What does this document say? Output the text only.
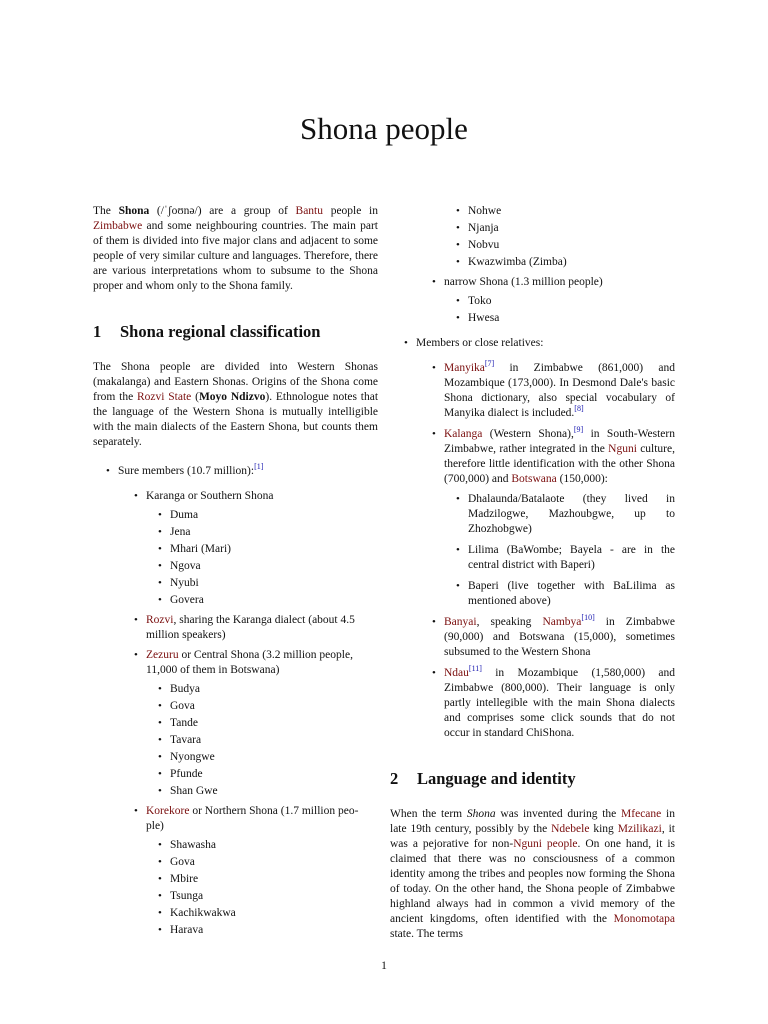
Shona people

The Shona (/ˈʃoʊnə/) are a group of Bantu people in Zimbabwe and some neighbouring countries. The main part of them is divided into five major clans and adjacent to some people of very similar culture and languages. Therefore, there are various interpretations whom to subsume to the Shona proper and whom only to the Shona family.

1 Shona regional classification

The Shona people are divided into Western Shonas (makalanga) and Eastern Shonas. Origins of the Shona come from the Rozvi State (Moyo Ndizvo). Ethnologue notes that the language of the Western Shona is mutually intelligible with the main dialects of the Eastern Shona, but counts them separately.

• Sure members (10.7 million):[1]
• Karanga or Southern Shona
• Duma
• Jena
• Mhari (Mari)
• Ngova
• Nyubi
• Govera
• Rozvi, sharing the Karanga dialect (about 4.5 million speakers)
• Zezuru or Central Shona (3.2 million people, 11,000 of them in Botswana)
• Budya
• Gova
• Tande
• Tavara
• Nyongwe
• Pfunde
• Shan Gwe
• Korekore or Northern Shona (1.7 million peo- ple)
• Shawasha
• Gova
• Mbire
• Tsunga
• Kachikwakwa
• Harava
• Nohwe
• Njanja
• Nobvu
• Kwazwimba (Zimba)
• narrow Shona (1.3 million people)
• Toko
• Hwesa
• Members or close relatives:

• Manyika[7] in Zimbabwe (861,000) and Mozambique (173,000). In Desmond Dale's basic Shona dictionary, also special vocabulary of Manyika dialect is included.[8]

• Kalanga (Western Shona),[9] in South-Western Zimbabwe, rather integrated in the Nguni culture, therefore little identification with the other Shona (700,000) and Botswana (150,000):

• Dhalaunda/Batalaote (they lived in Madzilogwe, Mazhoubgwe, up to Zhozhobgwe)
• Lilima (BaWombe; Bayela - are in the central district with Baperi)
• Baperi (live together with BaLilima as mentioned above)

• Banyai, speaking Nambya[10] in Zimbabwe (90,000) and Botswana (15,000), sometimes subsumed to the Western Shona

• Ndau[11] in Mozambique (1,580,000) and Zimbabwe (800,000). Their language is only partly intellegible with the main Shona dialects and comprises some click sounds that do not occur in standard ChiShona.

2 Language and identity

When the term Shona was invented during the Mfecane in late 19th century, possibly by the Ndebele king Mzilikazi, it was a pejorative for non-Nguni people. On one hand, it is claimed that there was no consciousness of a common identity among the tribes and peoples now forming the Shona of today. On the other hand, the Shona people of Zimbabwe highland always had in common a vivid memory of the ancient kingdoms, often identified with the Monomotapa state. The terms

1
